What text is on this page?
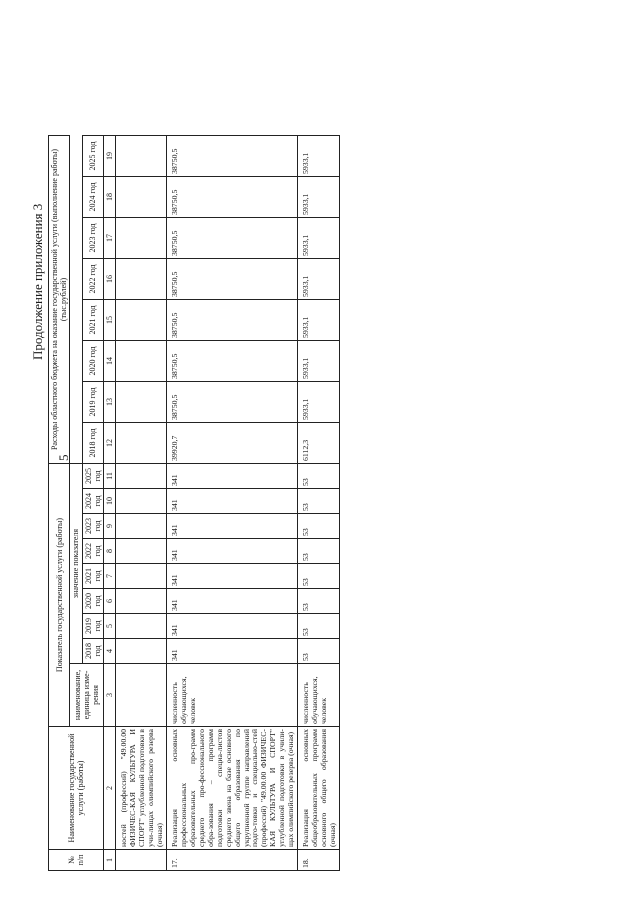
5
Продолжение приложения 3
№ п/п	Наименование государственной услуги (работы)	Показатель государственной услуги (работы)									Расходы областного бюджета на оказание государственной услуги (выполнение работы) (тыс.рублей)							
		наименование, единица изме-рения	значение показателя															
			2018 год	2019 год	2020 год	2021 год	2022 год	2023 год	2024 год	2025 год	2018 год	2019 год	2020 год	2021 год	2022 год	2023 год	2024 год	2025 год
1	2	3	4	5	6	7	8	9	10	11	12	13	14	15	16	17	18	19
	ностей (профессий) "49.00.00 ФИЗИЧЕС-КАЯ КУЛЬТУРА И СПОРТ" углубленной подготовки в учи-лищах олимпийского резерва (очная)																	
17.	Реализация основных профессиональных образовательных про-грамм среднего про-фессионального обра-зования – программ подготовки специа-листов среднего звена на базе основного общего образования по укрупненной группе направлений подго-товки и специально-стей (профессий) "49.00.00 ФИЗИЧЕС-КАЯ КУЛЬТУРА И СПОРТ" углубленной подготовки в учили-щах олимпийского резерва (очная)	численность обучающихся, человек	341	341	341	341	341	341	341	341	39920,7	38750,5	38750,5	38750,5	38750,5	38750,5	38750,5	38750,5
18.	Реализация основных общеобразовательных программ основного общего образования (очная)	численность обучающихся, человек	53	53	53	53	53	53	53	53	6112,3	5933,1	5933,1	5933,1	5933,1	5933,1	5933,1	5933,1
